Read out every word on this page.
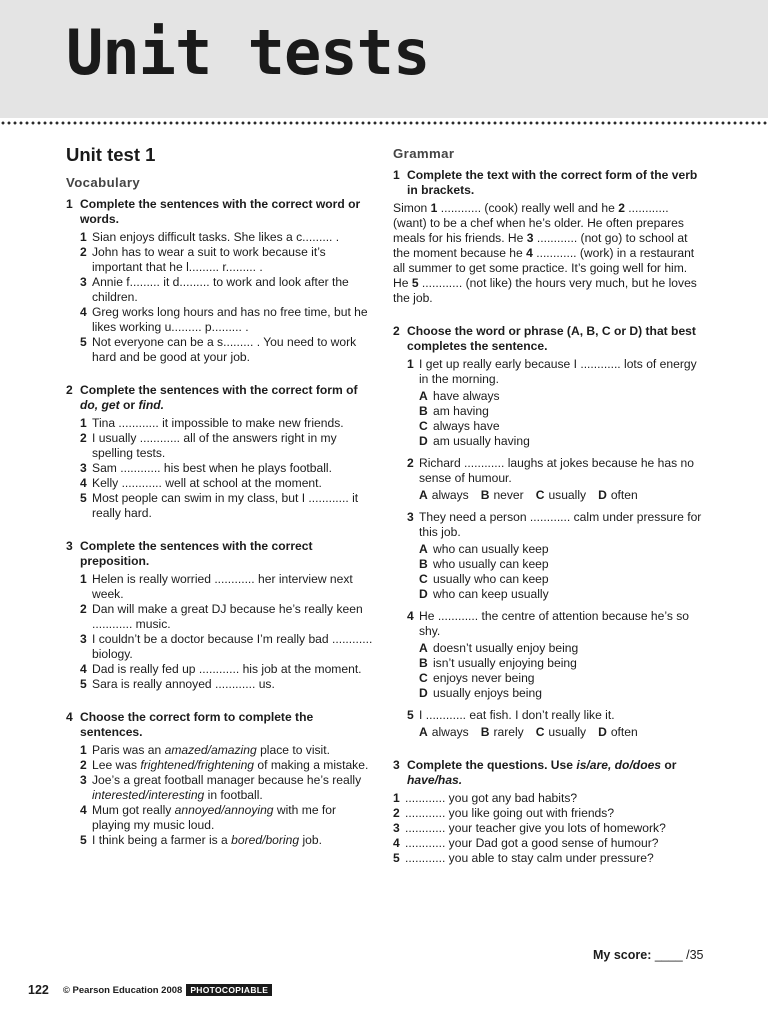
Unit tests
Unit test 1
Vocabulary
1 Complete the sentences with the correct word or words.
1 Sian enjoys difficult tasks. She likes a c......... .
2 John has to wear a suit to work because it’s important that he l......... r......... .
3 Annie f......... it d......... to work and look after the children.
4 Greg works long hours and has no free time, but he likes working u......... p......... .
5 Not everyone can be a s......... . You need to work hard and be good at your job.
2 Complete the sentences with the correct form of do, get or find.
1 Tina ............ it impossible to make new friends.
2 I usually ............ all of the answers right in my spelling tests.
3 Sam ............ his best when he plays football.
4 Kelly ............ well at school at the moment.
5 Most people can swim in my class, but I ............ it really hard.
3 Complete the sentences with the correct preposition.
1 Helen is really worried ............ her interview next week.
2 Dan will make a great DJ because he’s really keen ............ music.
3 I couldn’t be a doctor because I’m really bad ............ biology.
4 Dad is really fed up ............ his job at the moment.
5 Sara is really annoyed ............ us.
4 Choose the correct form to complete the sentences.
1 Paris was an amazed/amazing place to visit.
2 Lee was frightened/frightening of making a mistake.
3 Joe’s a great football manager because he’s really interested/interesting in football.
4 Mum got really annoyed/annoying with me for playing my music loud.
5 I think being a farmer is a bored/boring job.
Grammar
1 Complete the text with the correct form of the verb in brackets.
Simon 1 ............ (cook) really well and he 2 ............ (want) to be a chef when he’s older. He often prepares meals for his friends. He 3 ............ (not go) to school at the moment because he 4 ............ (work) in a restaurant all summer to get some practice. It’s going well for him. He 5 ............ (not like) the hours very much, but he loves the job.
2 Choose the word or phrase (A, B, C or D) that best completes the sentence.
1 I get up really early because I ............ lots of energy in the morning.
A have always
B am having
C always have
D am usually having
2 Richard ............ laughs at jokes because he has no sense of humour.
A always B never C usually D often
3 They need a person ............ calm under pressure for this job.
A who can usually keep
B who usually can keep
C usually who can keep
D who can keep usually
4 He ............ the centre of attention because he’s so shy.
A doesn’t usually enjoy being
B isn’t usually enjoying being
C enjoys never being
D usually enjoys being
5 I ............ eat fish. I don’t really like it.
A always B rarely C usually D often
3 Complete the questions. Use is/are, do/does or have/has.
1 ............ you got any bad habits?
2 ............ you like going out with friends?
3 ............ your teacher give you lots of homework?
4 ............ your Dad got a good sense of humour?
5 ............ you able to stay calm under pressure?
My score: ____ /35
122 © Pearson Education 2008 PHOTOCOPIABLE
